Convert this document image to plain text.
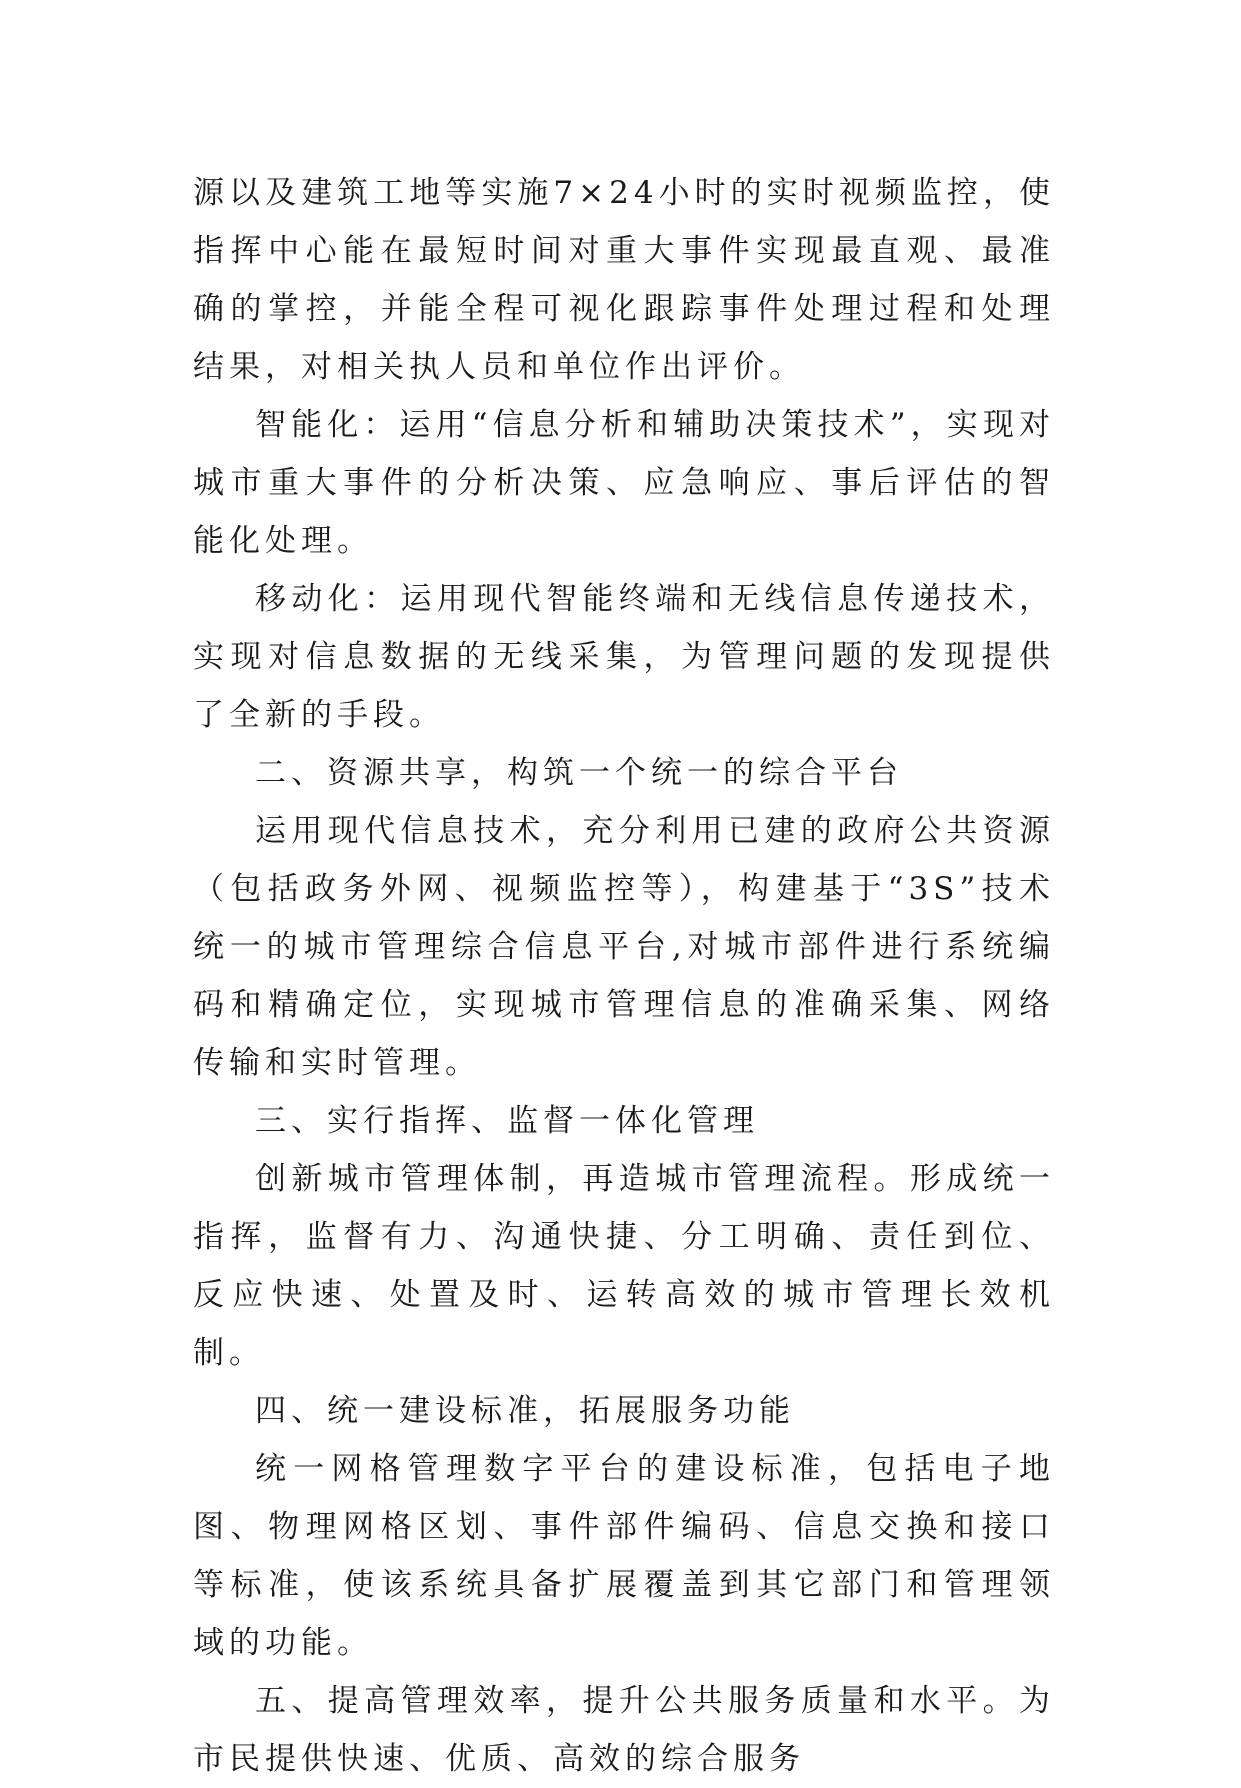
源以及建筑工地等实施7×24小时的实时视频监控，使指挥中心能在最短时间对重大事件实现最直观、最准确的掌控，并能全程可视化跟踪事件处理过程和处理结果，对相关执人员和单位作出评价。

智能化：运用“信息分析和辅助决策技术”，实现对城市重大事件的分析决策、应急响应、事后评估的智能化处理。

移动化：运用现代智能终端和无线信息传递技术，实现对信息数据的无线采集，为管理问题的发现提供了全新的手段。

二、资源共享，构筑一个统一的综合平台

运用现代信息技术，充分利用已建的政府公共资源（包括政务外网、视频监控等），构建基于“3S”技术统一的城市管理综合信息平台,对城市部件进行系统编码和精确定位，实现城市管理信息的准确采集、网络传输和实时管理。

三、实行指挥、监督一体化管理

创新城市管理体制，再造城市管理流程。形成统一指挥，监督有力、沟通快捷、分工明确、责任到位、反应快速、处置及时、运转高效的城市管理长效机制。

四、统一建设标准，拓展服务功能

统一网格管理数字平台的建设标准，包括电子地图、物理网格区划、事件部件编码、信息交换和接口等标准，使该系统具备扩展覆盖到其它部门和管理领域的功能。

五、提高管理效率，提升公共服务质量和水平。为市民提供快速、优质、高效的综合服务
